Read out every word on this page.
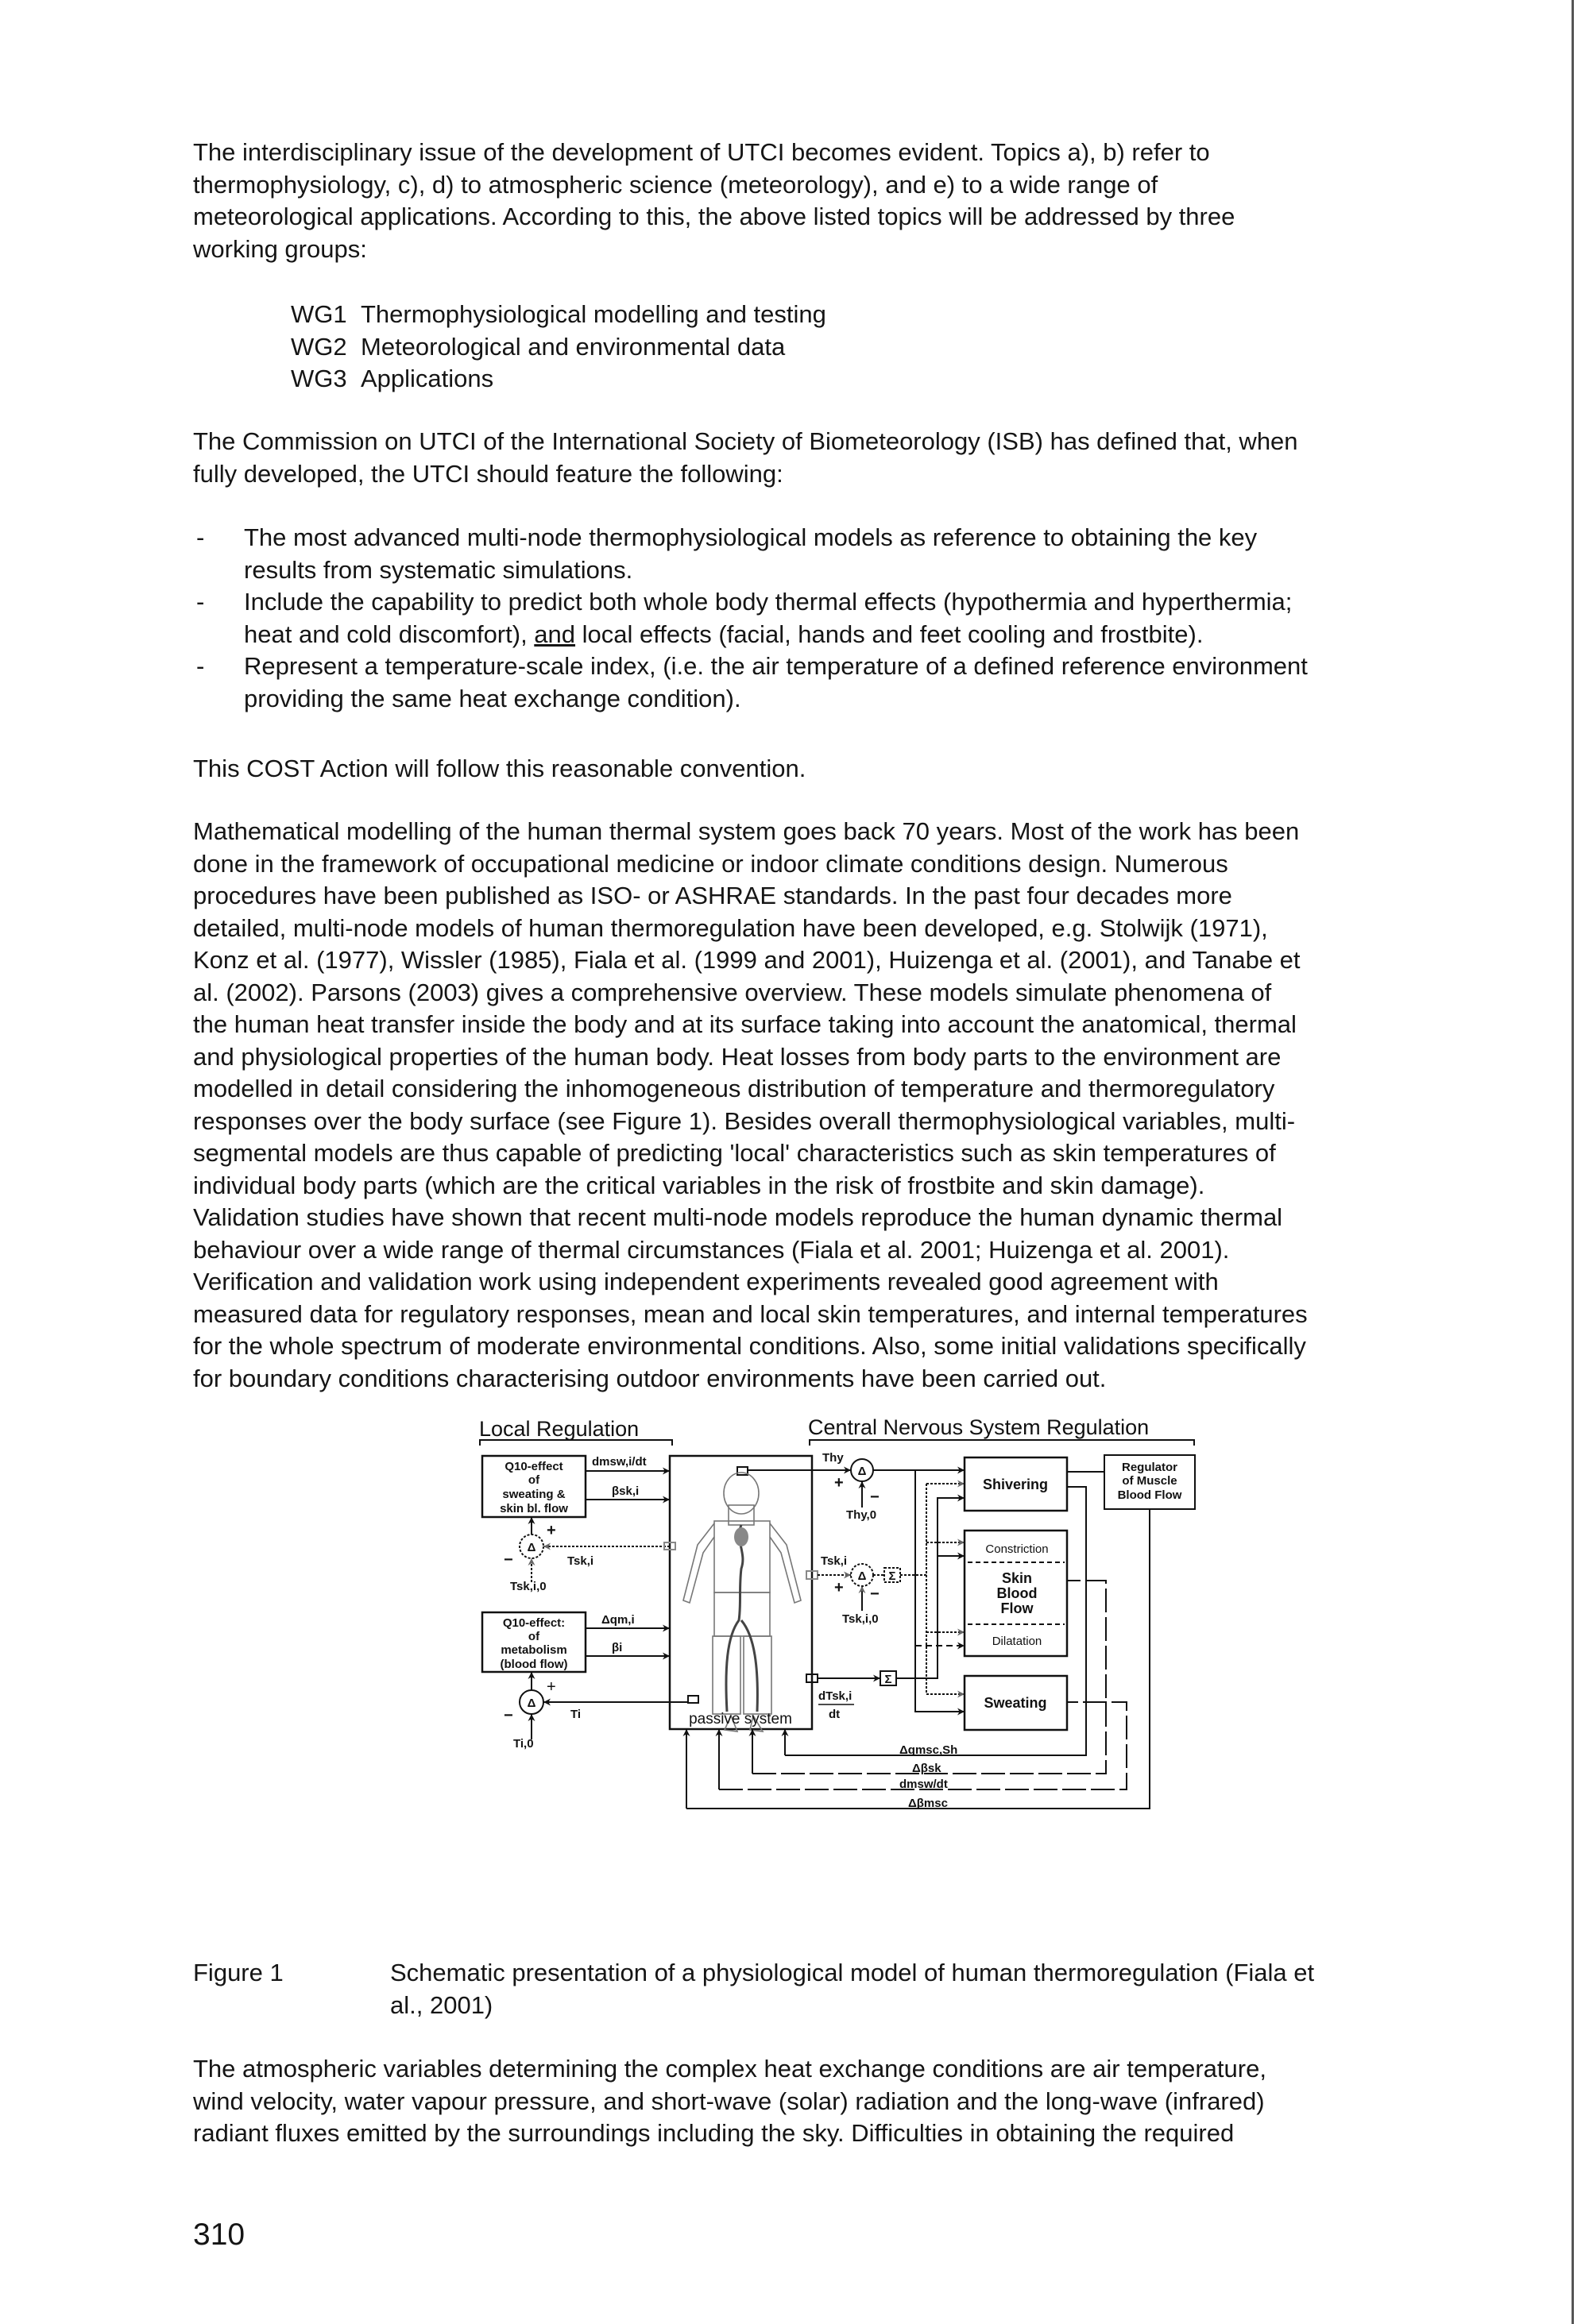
The interdisciplinary issue of the development of UTCI becomes evident. Topics a), b) refer to
thermophysiology, c), d) to atmospheric science (meteorology), and e) to a wide range of
meteorological applications. According to this, the above listed topics will be addressed by three
working groups:
WG1 Thermophysiological modelling and testing
WG2 Meteorological and environmental data
WG3 Applications
The Commission on UTCI of the International Society of Biometeorology (ISB) has defined that, when
fully developed, the UTCI should feature the following:
- The most advanced multi-node thermophysiological models as reference to obtaining the key
results from systematic simulations.
- Include the capability to predict both whole body thermal effects (hypothermia and hyperthermia;
heat and cold discomfort), and local effects (facial, hands and feet cooling and frostbite).
- Represent a temperature-scale index, (i.e. the air temperature of a defined reference environment
providing the same heat exchange condition).
This COST Action will follow this reasonable convention.
Mathematical modelling of the human thermal system goes back 70 years. Most of the work has been
done in the framework of occupational medicine or indoor climate conditions design. Numerous
procedures have been published as ISO- or ASHRAE standards. In the past four decades more
detailed, multi-node models of human thermoregulation have been developed, e.g. Stolwijk (1971),
Konz et al. (1977), Wissler (1985), Fiala et al. (1999 and 2001), Huizenga et al. (2001), and Tanabe et
al. (2002). Parsons (2003) gives a comprehensive overview. These models simulate phenomena of
the human heat transfer inside the body and at its surface taking into account the anatomical, thermal
and physiological properties of the human body. Heat losses from body parts to the environment are
modelled in detail considering the inhomogeneous distribution of temperature and thermoregulatory
responses over the body surface (see Figure 1). Besides overall thermophysiological variables, multi-
segmental models are thus capable of predicting 'local' characteristics such as skin temperatures of
individual body parts (which are the critical variables in the risk of frostbite and skin damage).
Validation studies have shown that recent multi-node models reproduce the human dynamic thermal
behaviour over a wide range of thermal circumstances (Fiala et al. 2001; Huizenga et al. 2001).
Verification and validation work using independent experiments revealed good agreement with
measured data for regulatory responses, mean and local skin temperatures, and internal temperatures
for the whole spectrum of moderate environmental conditions. Also, some initial validations specifically
for boundary conditions characterising outdoor environments have been carried out.
Local Regulation	Central Nervous System Regulation
Q10-effect
of
sweating &
skin bl. flow
Q10-effect:
of
metabolism
(blood flow)
Shivering
Regulator
of Muscle
Blood Flow
Constriction
Skin
Blood
Flow
Dilatation
Sweating
Δ
Δ
Δ
Δ Σ
Σ
passive system
dmsw,i/dt
βsk,i
Δqm,i
βi
+
−
+
−
Tsk,i
Tsk,i,0
Ti
Ti,0
Thy
Thy,0
+
−
Tsk,i
Tsk,i,0
+ −
dTsk,i
dt
Δqmsc,Sh
Δβsk
dmsw/dt
Δβmsc
Figure 1	Schematic presentation of a physiological model of human thermoregulation (Fiala et
al., 2001)
The atmospheric variables determining the complex heat exchange conditions are air temperature,
wind velocity, water vapour pressure, and short-wave (solar) radiation and the long-wave (infrared)
radiant fluxes emitted by the surroundings including the sky. Difficulties in obtaining the required
310
